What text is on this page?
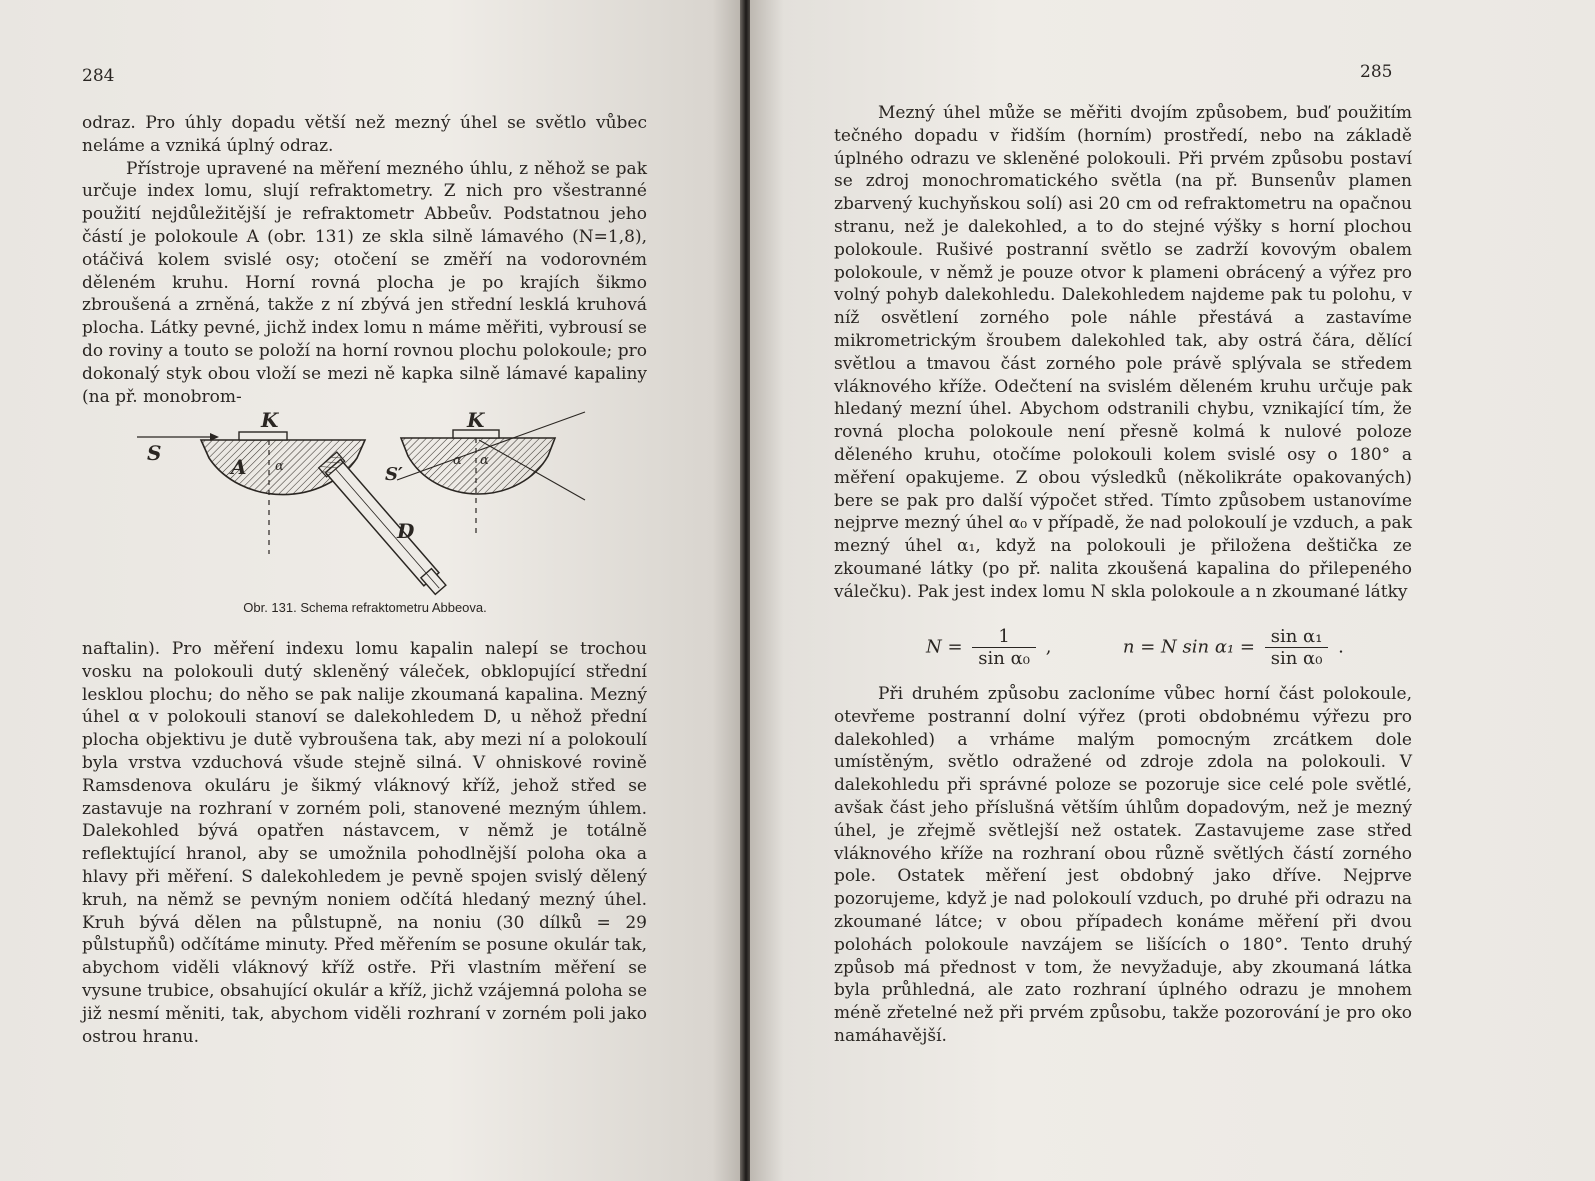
284

odraz. Pro úhly dopadu větší než mezný úhel se světlo vůbec neláme a vzniká úplný odraz.

Přístroje upravené na měření mezného úhlu, z něhož se pak určuje index lomu, slují refraktometry. Z nich pro všestranné použití nejdůležitější je refraktometr Abbeův. Podstatnou jeho částí je polokoule A (obr. 131) ze skla silně lámavého (N=1,8), otáčivá kolem svislé osy; otočení se změří na vodorovném děleném kruhu. Horní rovná plocha je po krajích šikmo zbroušená a zrněná, takže z ní zbývá jen střední lesklá kruhová plocha. Látky pevné, jichž index lomu n máme měřiti, vybrousí se do roviny a touto se položí na horní rovnou plochu polokoule; pro dokonalý styk obou vloží se mezi ně kapka silně lámavé kapaliny (na př. monobrom-

K	K
S
S′
A
D
α	α α
Obr. 131. Schema refraktometru Abbeova.

naftalin). Pro měření indexu lomu kapalin nalepí se trochou vosku na polokouli dutý skleněný váleček, obklopující střední lesklou plochu; do něho se pak nalije zkoumaná kapalina. Mezný úhel α v polokouli stanoví se dalekohledem D, u něhož přední plocha objektivu je dutě vybroušena tak, aby mezi ní a polokoulí byla vrstva vzduchová všude stejně silná. V ohniskové rovině Ramsdenova okuláru je šikmý vláknový kříž, jehož střed se zastavuje na rozhraní v zorném poli, stanovené mezným úhlem. Dalekohled bývá opatřen nástavcem, v němž je totálně reflektující hranol, aby se umožnila pohodlnější poloha oka a hlavy při měření. S dalekohledem je pevně spojen svislý dělený kruh, na němž se pevným noniem odčítá hledaný mezný úhel. Kruh bývá dělen na půlstupně, na noniu (30 dílků = 29 půlstupňů) odčítáme minuty. Před měřením se posune okulár tak, abychom viděli vláknový kříž ostře. Při vlastním měření se vysune trubice, obsahující okulár a kříž, jichž vzájemná poloha se již nesmí měniti, tak, abychom viděli rozhraní v zorném poli jako ostrou hranu.

285

Mezný úhel může se měřiti dvojím způsobem, buď použitím tečného dopadu v řidším (horním) prostředí, nebo na základě úplného odrazu ve skleněné polokouli. Při prvém způsobu postaví se zdroj monochromatického světla (na př. Bunsenův plamen zbarvený kuchyňskou solí) asi 20 cm od refraktometru na opačnou stranu, než je dalekohled, a to do stejné výšky s horní plochou polokoule. Rušivé postranní světlo se zadrží kovovým obalem polokoule, v němž je pouze otvor k plameni obrácený a výřez pro volný pohyb dalekohledu. Dalekohledem najdeme pak tu polohu, v níž osvětlení zorného pole náhle přestává a zastavíme mikrometrickým šroubem dalekohled tak, aby ostrá čára, dělící světlou a tmavou část zorného pole právě splývala se středem vláknového kříže. Odečtení na svislém děleném kruhu určuje pak hledaný mezní úhel. Abychom odstranili chybu, vznikající tím, že rovná plocha polokoule není přesně kolmá k nulové poloze děleného kruhu, otočíme polokouli kolem svislé osy o 180° a měření opakujeme. Z obou výsledků (několikráte opakovaných) bere se pak pro další výpočet střed. Tímto způsobem ustanovíme nejprve mezný úhel α₀ v případě, že nad polokoulí je vzduch, a pak mezný úhel α₁, když na polokouli je přiložena deštička ze zkoumané látky (po př. nalita zkoušená kapalina do přilepeného válečku). Pak jest index lomu N skla polokoule a n zkoumané látky

$N = \frac{1}{\text{sin α₀}}$ ,	n = N $\sin \alpha_1 = \frac{\text{sin α₁}}{\text{sin α₀}}$ .

Při druhém způsobu zacloníme vůbec horní část polokoule, otevřeme postranní dolní výřez (proti obdobnému výřezu pro dalekohled) a vrháme malým pomocným zrcátkem dole umístěným, světlo odražené od zdroje zdola na polokouli. V dalekohledu při správné poloze se pozoruje sice celé pole světlé, avšak část jeho příslušná větším úhlům dopadovým, než je mezný úhel, je zřejmě světlejší než ostatek. Zastavujeme zase střed vláknového kříže na rozhraní obou různě světlých částí zorného pole. Ostatek měření jest obdobný jako dříve. Nejprve pozorujeme, když je nad polokoulí vzduch, po druhé při odrazu na zkoumané látce; v obou případech konáme měření při dvou polohách polokoule navzájem se lišících o 180°. Tento druhý způsob má přednost v tom, že nevyžaduje, aby zkoumaná látka byla průhledná, ale zato rozhraní úplného odrazu je mnohem méně zřetelné než při prvém způsobu, takže pozorování je pro oko namáhavější.
